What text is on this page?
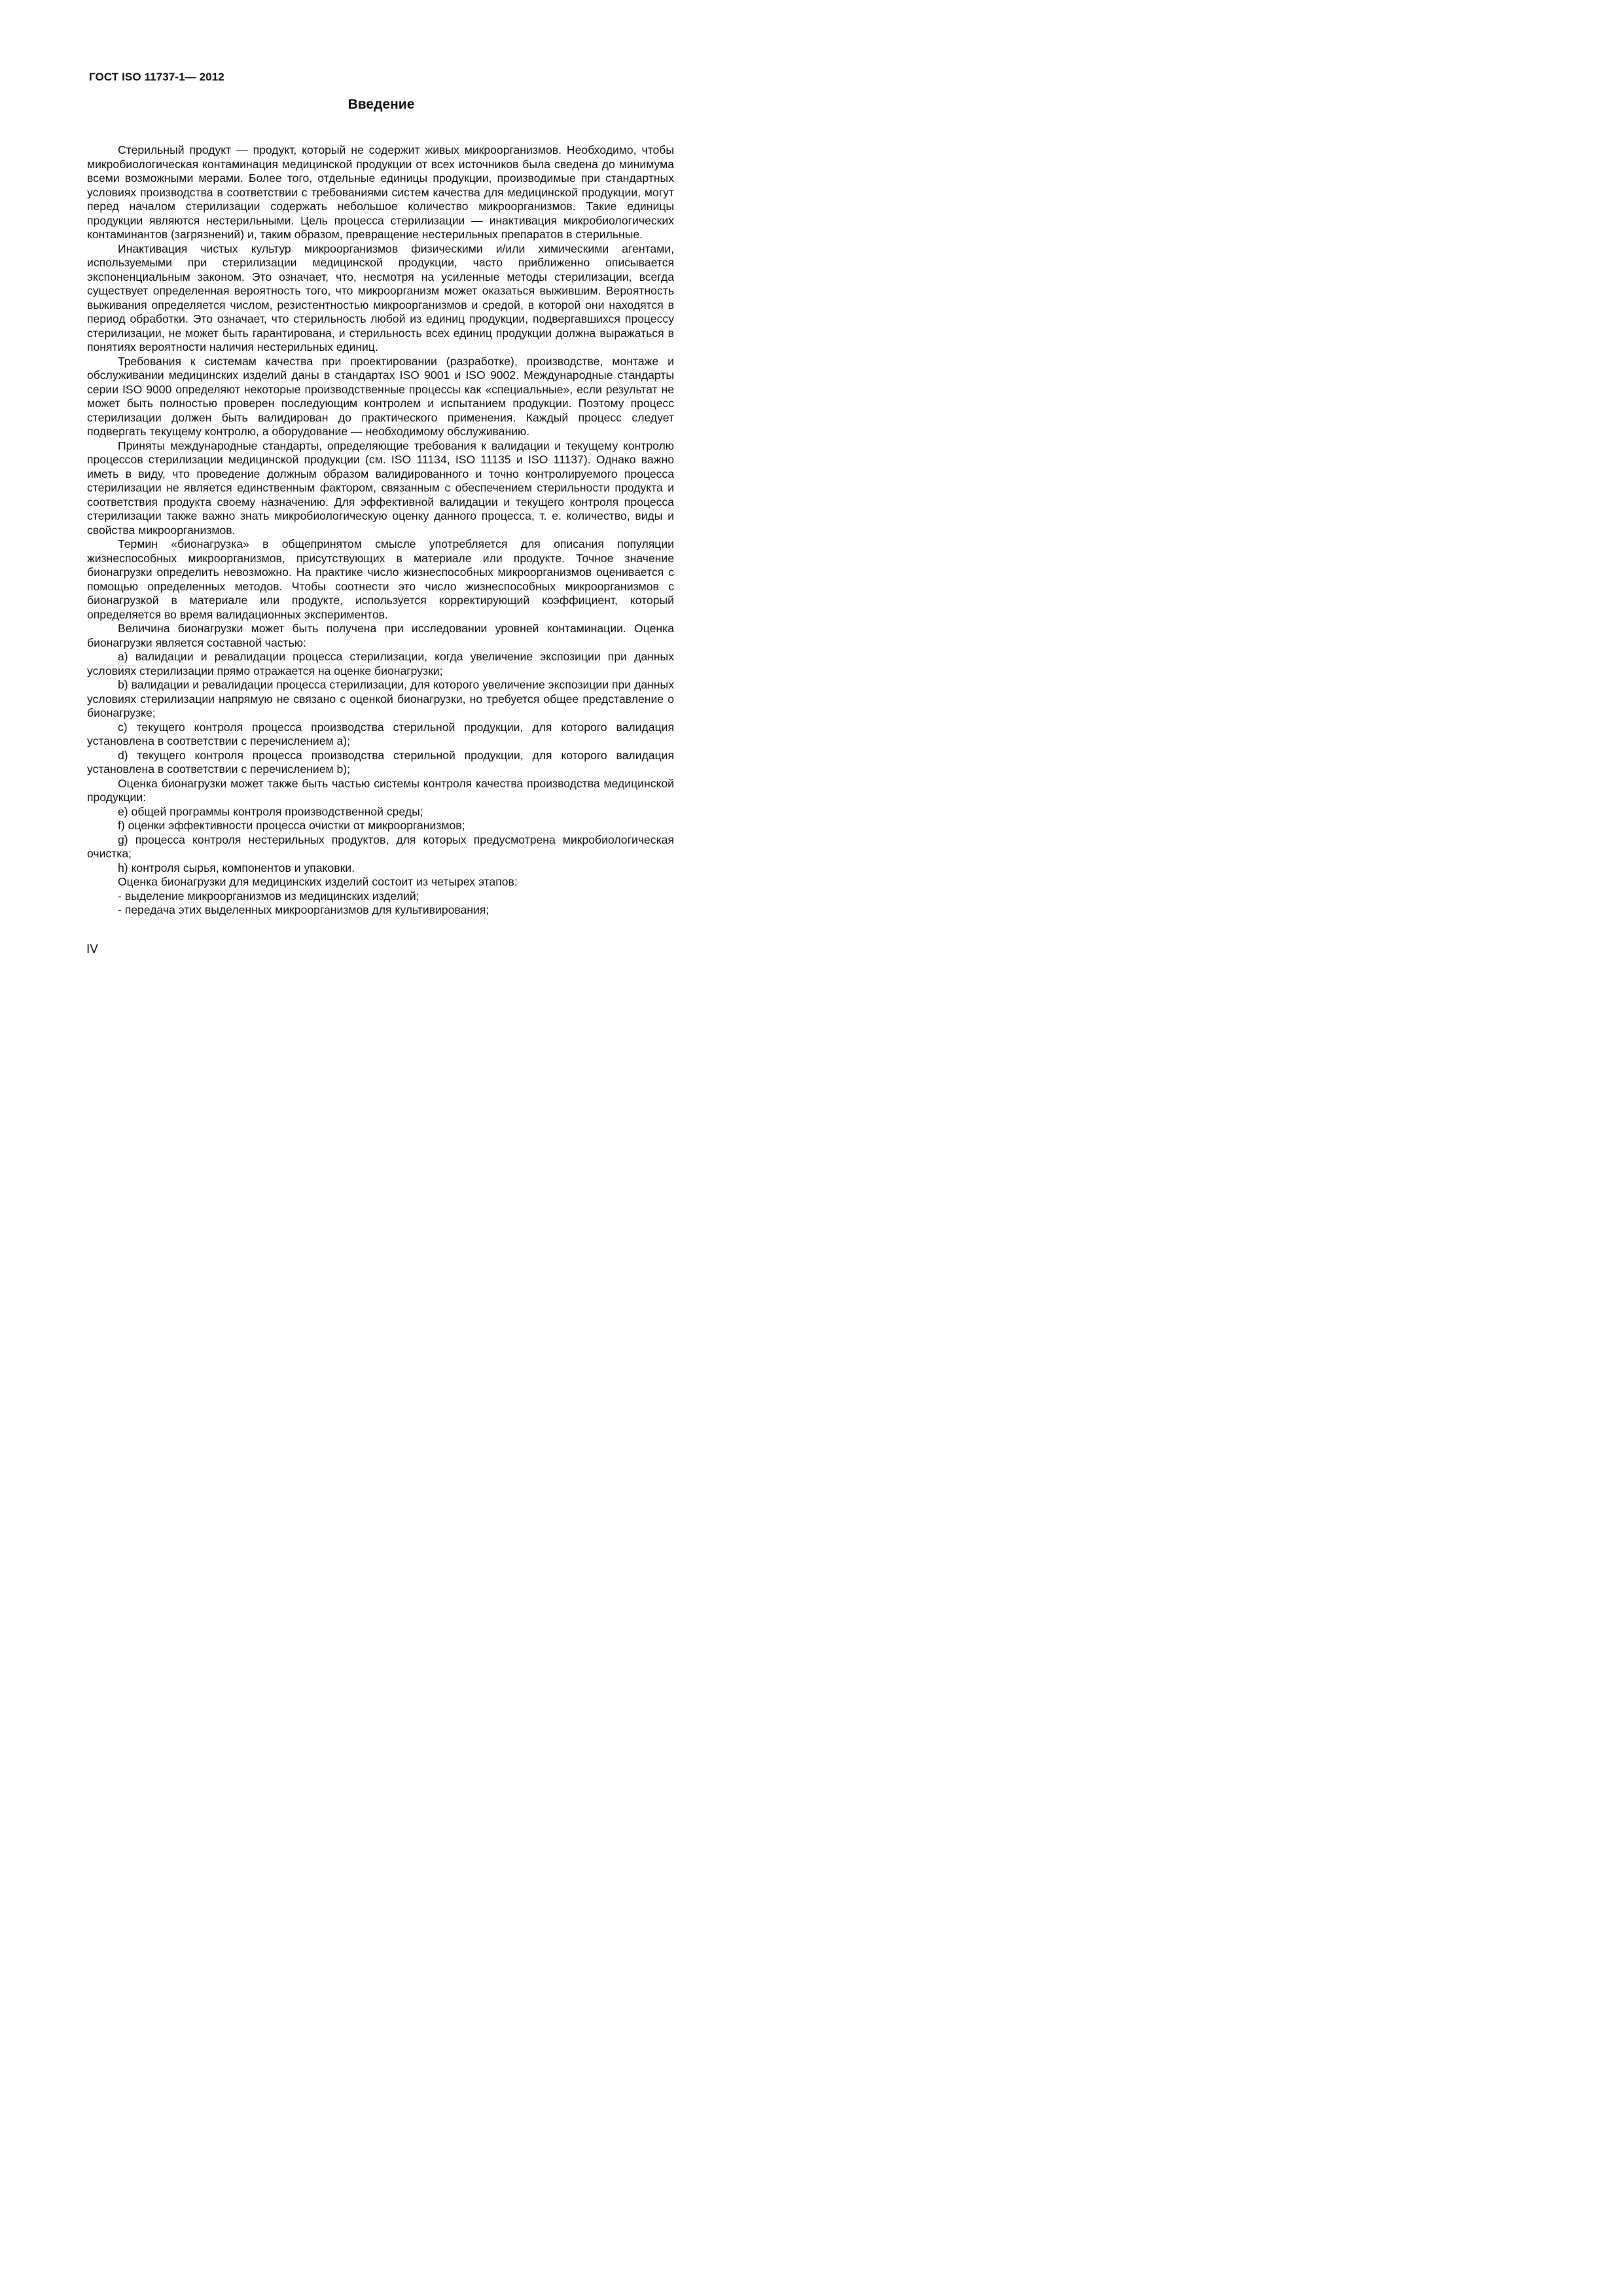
ГОСТ ISO 11737-1— 2012
Введение

Стерильный продукт — продукт, который не содержит живых микроорганизмов. Необходимо, чтобы микробиологическая контаминация медицинской продукции от всех источников была сведена до минимума всеми возможными мерами. Более того, отдельные единицы продукции, производимые при стандартных условиях производства в соответствии с требованиями систем качества для медицинской продукции, могут перед началом стерилизации содержать небольшое количество микроорганизмов. Такие единицы продукции являются нестерильными. Цель процесса стерилизации — инактивация микробиологических контаминантов (загрязнений) и, таким образом, превращение нестерильных препаратов в стерильные.

Инактивация чистых культур микроорганизмов физическими и/или химическими агентами, используемыми при стерилизации медицинской продукции, часто приближенно описывается экспоненциальным законом. Это означает, что, несмотря на усиленные методы стерилизации, всегда существует определенная вероятность того, что микроорганизм может оказаться выжившим. Вероятность выживания определяется числом, резистентностью микроорганизмов и средой, в которой они находятся в период обработки. Это означает, что стерильность любой из единиц продукции, подвергавшихся процессу стерилизации, не может быть гарантирована, и стерильность всех единиц продукции должна выражаться в понятиях вероятности наличия нестерильных единиц.

Требования к системам качества при проектировании (разработке), производстве, монтаже и обслуживании медицинских изделий даны в стандартах ISO 9001 и ISO 9002. Международные стандарты серии ISO 9000 определяют некоторые производственные процессы как «специальные», если результат не может быть полностью проверен последующим контролем и испытанием продукции. Поэтому процесс стерилизации должен быть валидирован до практического применения. Каждый процесс следует подвергать текущему контролю, а оборудование — необходимому обслуживанию.

Приняты международные стандарты, определяющие требования к валидации и текущему контролю процессов стерилизации медицинской продукции (см. ISO 11134, ISO 11135 и ISO 11137). Однако важно иметь в виду, что проведение должным образом валидированного и точно контролируемого процесса стерилизации не является единственным фактором, связанным с обеспечением стерильности продукта и соответствия продукта своему назначению. Для эффективной валидации и текущего контроля процесса стерилизации также важно знать микробиологическую оценку данного процесса, т. е. количество, виды и свойства микроорганизмов.

Термин «бионагрузка» в общепринятом смысле употребляется для описания популяции жизнеспособных микроорганизмов, присутствующих в материале или продукте. Точное значение бионагрузки определить невозможно. На практике число жизнеспособных микроорганизмов оценивается с помощью определенных методов. Чтобы соотнести это число жизнеспособных микроорганизмов с бионагрузкой в материале или продукте, используется корректирующий коэффициент, который определяется во время валидационных экспериментов.

Величина бионагрузки может быть получена при исследовании уровней контаминации. Оценка бионагрузки является составной частью:

a) валидации и ревалидации процесса стерилизации, когда увеличение экспозиции при данных условиях стерилизации прямо отражается на оценке бионагрузки;

b) валидации и ревалидации процесса стерилизации, для которого увеличение экспозиции при данных условиях стерилизации напрямую не связано с оценкой бионагрузки, но требуется общее представление о бионагрузке;

c) текущего контроля процесса производства стерильной продукции, для которого валидация установлена в соответствии с перечислением a);

d) текущего контроля процесса производства стерильной продукции, для которого валидация установлена в соответствии с перечислением b);

Оценка бионагрузки может также быть частью системы контроля качества производства медицинской продукции:

e) общей программы контроля производственной среды;

f) оценки эффективности процесса очистки от микроорганизмов;

g) процесса контроля нестерильных продуктов, для которых предусмотрена микробиологическая очистка;

h) контроля сырья, компонентов и упаковки.

Оценка бионагрузки для медицинских изделий состоит из четырех этапов:

- выделение микроорганизмов из медицинских изделий;

- передача этих выделенных микроорганизмов для культивирования;

IV
